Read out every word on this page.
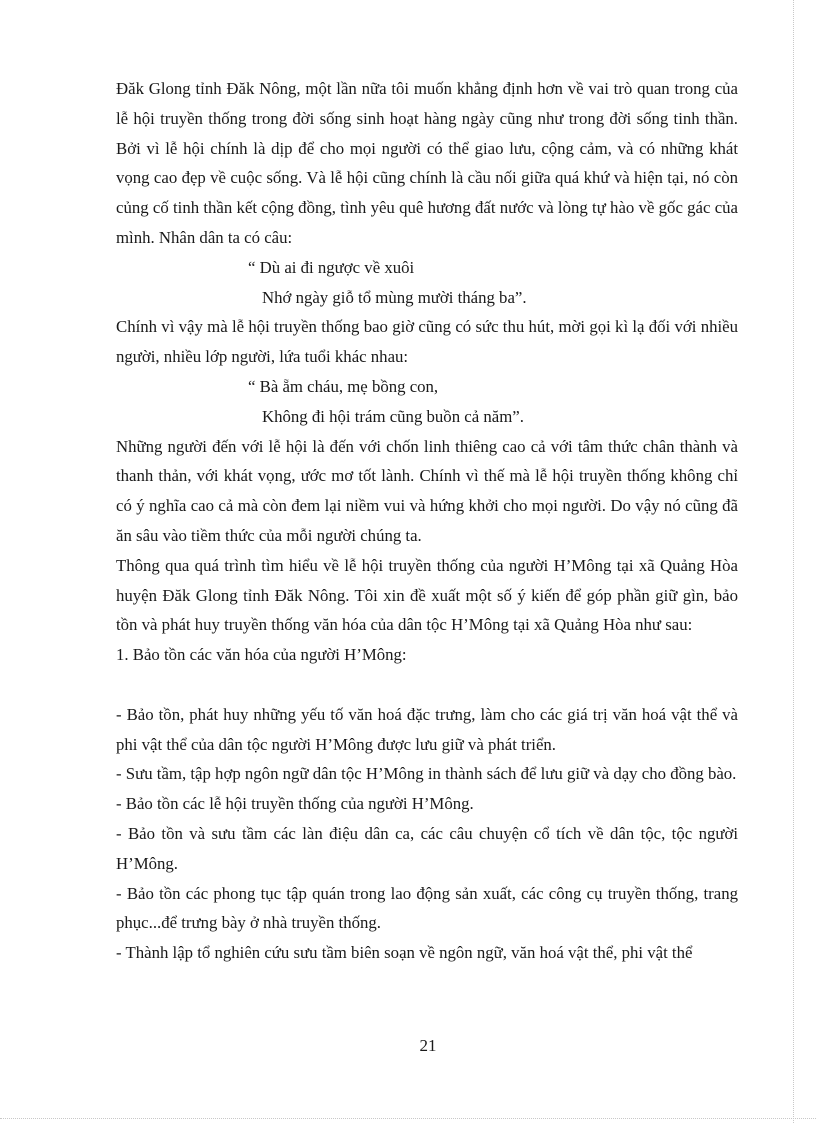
Đăk Glong tỉnh Đăk Nông, một lần nữa tôi muốn khẳng định hơn về vai trò quan trong của lễ hội truyền thống trong đời sống sinh hoạt hàng ngày cũng như trong đời sống tinh thần. Bởi vì lễ hội chính là dịp để cho mọi người có thể giao lưu, cộng cảm, và có những khát vọng cao đẹp về cuộc sống. Và lễ hội cũng chính là cầu nối giữa quá khứ và hiện tại, nó còn củng cố tinh thần kết cộng đồng, tình yêu quê hương đất nước và lòng tự hào về gốc gác của mình. Nhân dân ta có câu:

“ Dù ai đi ngược về xuôi

Nhớ ngày giỗ tổ mùng mười tháng ba”.

Chính vì vậy mà lễ hội truyền thống bao giờ cũng có sức thu hút, mời gọi kì lạ đối với nhiều người, nhiều lớp người, lứa tuổi khác nhau:

“ Bà ẵm cháu, mẹ bồng con,

Không đi hội trám cũng buồn cả năm”.

Những người đến với lễ hội là đến với chốn linh thiêng cao cả với tâm thức chân thành và thanh thản, với khát vọng, ước mơ tốt lành. Chính vì thế mà lễ hội truyền thống không chỉ có ý nghĩa cao cả mà còn đem lại niềm vui và hứng khởi cho mọi người. Do vậy nó cũng đã ăn sâu vào tiềm thức của mỗi người chúng ta.

Thông qua quá trình tìm hiểu về lễ hội truyền thống của người H’Mông tại xã Quảng Hòa huyện Đăk Glong tỉnh Đăk Nông. Tôi xin đề xuất một số ý kiến để góp phần giữ gìn, bảo tồn và phát huy truyền thống văn hóa của dân tộc H’Mông tại xã Quảng Hòa như sau:

1. Bảo tồn các văn hóa của người H’Mông:

- Bảo tồn, phát huy những yếu tố văn hoá đặc trưng, làm cho các giá trị văn hoá vật thể và phi vật thể của dân tộc người H’Mông được lưu giữ và phát triển.

- Sưu tầm, tập hợp ngôn ngữ dân tộc H’Mông in thành sách để lưu giữ và dạy cho đồng bào.

- Bảo tồn các lễ hội truyền thống của người H’Mông.

- Bảo tồn và sưu tầm các làn điệu dân ca, các câu chuyện cổ tích về dân tộc, tộc người H’Mông.

- Bảo tồn các phong tục tập quán trong lao động sản xuất, các công cụ truyền thống, trang phục...để trưng bày ở nhà truyền thống.

- Thành lập tổ nghiên cứu sưu tầm biên soạn về ngôn ngữ, văn hoá vật thể, phi vật thể

21
